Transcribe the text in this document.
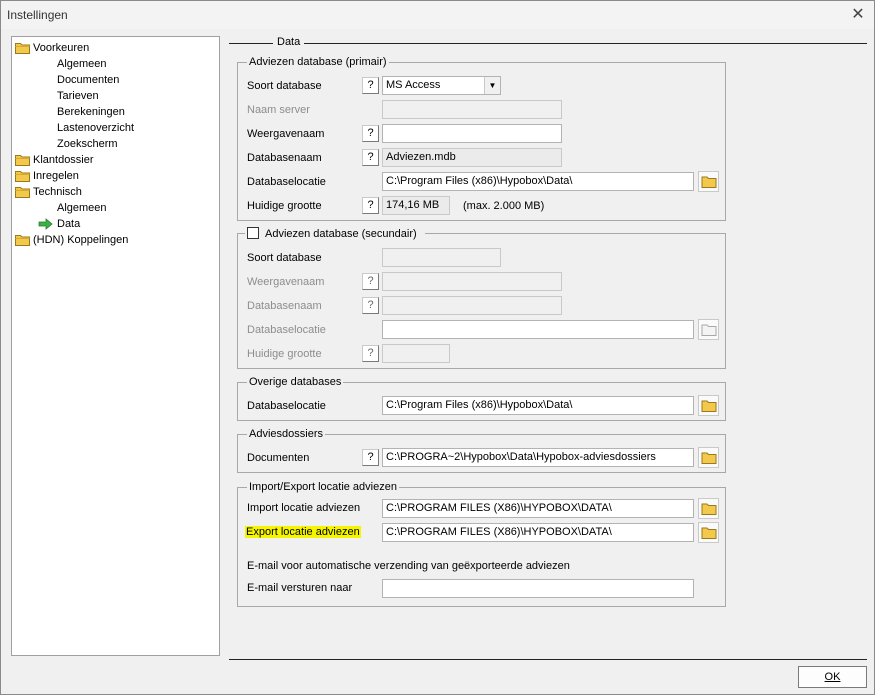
Instellingen	✕
Voorkeuren
Algemeen
Documenten
Tarieven
Berekeningen
Lastenoverzicht
Zoekscherm
Klantdossier
Inregelen
Technisch
Algemeen
Data
(HDN) Koppelingen
Data
Adviezen database (primair)
Soort database	?	MS Access	▼
Naam server
Weergavenaam	?
Databasenaam	?	Adviezen.mdb
Databaselocatie	C:\Program Files (x86)\Hypobox\Data\
Huidige grootte	?	174,16 MB	(max. 2.000 MB)
Adviezen database (secundair)
Soort database
Weergavenaam	?
Databasenaam	?
Databaselocatie
Huidige grootte	?
Overige databases
Databaselocatie	C:\Program Files (x86)\Hypobox\Data\
Adviesdossiers
Documenten	?	C:\PROGRA~2\Hypobox\Data\Hypobox-adviesdossiers
Import/Export locatie adviezen
Import locatie adviezen	C:\PROGRAM FILES (X86)\HYPOBOX\DATA\
Export locatie adviezen	C:\PROGRAM FILES (X86)\HYPOBOX\DATA\
E-mail voor automatische verzending van geëxporteerde adviezen
E-mail versturen naar
OK
